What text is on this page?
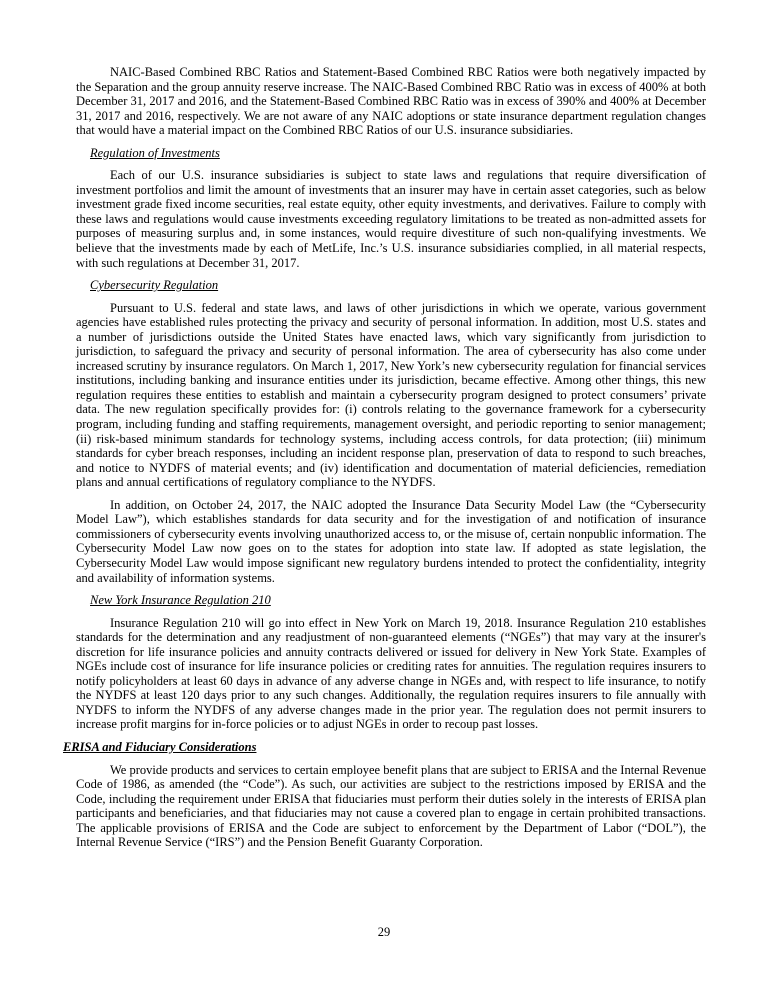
NAIC-Based Combined RBC Ratios and Statement-Based Combined RBC Ratios were both negatively impacted by the Separation and the group annuity reserve increase. The NAIC-Based Combined RBC Ratio was in excess of 400% at both December 31, 2017 and 2016, and the Statement-Based Combined RBC Ratio was in excess of 390% and 400% at December 31, 2017 and 2016, respectively. We are not aware of any NAIC adoptions or state insurance department regulation changes that would have a material impact on the Combined RBC Ratios of our U.S. insurance subsidiaries.

Regulation of Investments

Each of our U.S. insurance subsidiaries is subject to state laws and regulations that require diversification of investment portfolios and limit the amount of investments that an insurer may have in certain asset categories, such as below investment grade fixed income securities, real estate equity, other equity investments, and derivatives. Failure to comply with these laws and regulations would cause investments exceeding regulatory limitations to be treated as non-admitted assets for purposes of measuring surplus and, in some instances, would require divestiture of such non-qualifying investments. We believe that the investments made by each of MetLife, Inc.’s U.S. insurance subsidiaries complied, in all material respects, with such regulations at December 31, 2017.

Cybersecurity Regulation

Pursuant to U.S. federal and state laws, and laws of other jurisdictions in which we operate, various government agencies have established rules protecting the privacy and security of personal information. In addition, most U.S. states and a number of jurisdictions outside the United States have enacted laws, which vary significantly from jurisdiction to jurisdiction, to safeguard the privacy and security of personal information. The area of cybersecurity has also come under increased scrutiny by insurance regulators. On March 1, 2017, New York’s new cybersecurity regulation for financial services institutions, including banking and insurance entities under its jurisdiction, became effective. Among other things, this new regulation requires these entities to establish and maintain a cybersecurity program designed to protect consumers’ private data. The new regulation specifically provides for: (i) controls relating to the governance framework for a cybersecurity program, including funding and staffing requirements, management oversight, and periodic reporting to senior management; (ii) risk-based minimum standards for technology systems, including access controls, for data protection; (iii) minimum standards for cyber breach responses, including an incident response plan, preservation of data to respond to such breaches, and notice to NYDFS of material events; and (iv) identification and documentation of material deficiencies, remediation plans and annual certifications of regulatory compliance to the NYDFS.

In addition, on October 24, 2017, the NAIC adopted the Insurance Data Security Model Law (the “Cybersecurity Model Law”), which establishes standards for data security and for the investigation of and notification of insurance commissioners of cybersecurity events involving unauthorized access to, or the misuse of, certain nonpublic information. The Cybersecurity Model Law now goes on to the states for adoption into state law. If adopted as state legislation, the Cybersecurity Model Law would impose significant new regulatory burdens intended to protect the confidentiality, integrity and availability of information systems.

New York Insurance Regulation 210

Insurance Regulation 210 will go into effect in New York on March 19, 2018. Insurance Regulation 210 establishes standards for the determination and any readjustment of non-guaranteed elements (“NGEs”) that may vary at the insurer's discretion for life insurance policies and annuity contracts delivered or issued for delivery in New York State. Examples of NGEs include cost of insurance for life insurance policies or crediting rates for annuities. The regulation requires insurers to notify policyholders at least 60 days in advance of any adverse change in NGEs and, with respect to life insurance, to notify the NYDFS at least 120 days prior to any such changes. Additionally, the regulation requires insurers to file annually with NYDFS to inform the NYDFS of any adverse changes made in the prior year. The regulation does not permit insurers to increase profit margins for in-force policies or to adjust NGEs in order to recoup past losses.

ERISA and Fiduciary Considerations

We provide products and services to certain employee benefit plans that are subject to ERISA and the Internal Revenue Code of 1986, as amended (the “Code”). As such, our activities are subject to the restrictions imposed by ERISA and the Code, including the requirement under ERISA that fiduciaries must perform their duties solely in the interests of ERISA plan participants and beneficiaries, and that fiduciaries may not cause a covered plan to engage in certain prohibited transactions. The applicable provisions of ERISA and the Code are subject to enforcement by the Department of Labor (“DOL”), the Internal Revenue Service (“IRS”) and the Pension Benefit Guaranty Corporation.

29
